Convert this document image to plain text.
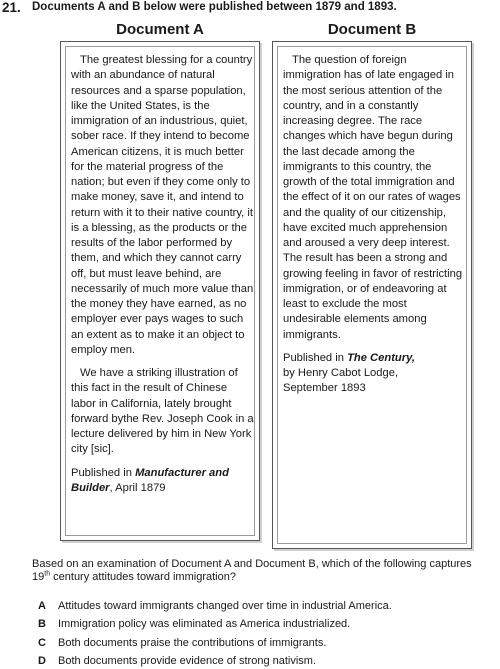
21. Documents A and B below were published between 1879 and 1893.
Document A	Document B

The greatest blessing for a country with an abundance of natural resources and a sparse population, like the United States, is the immigration of an industrious, quiet, sober race. If they intend to become American citizens, it is much better for the material progress of the nation; but even if they come only to make money, save it, and intend to return with it to their native country, it is a blessing, as the products or the results of the labor performed by them, and which they cannot carry off, but must leave behind, are necessarily of much more value than the money they have earned, as no employer ever pays wages to such an extent as to make it an object to employ men.

We have a striking illustration of this fact in the result of Chinese labor in California, lately brought forward bythe Rev. Joseph Cook in a lecture delivered by him in New York city [sic].

Published in Manufacturer and Builder, April 1879

The question of foreign immigration has of late engaged in the most serious attention of the country, and in a constantly increasing degree. The race changes which have begun during the last decade among the immigrants to this country, the growth of the total immigration and the effect of it on our rates of wages and the quality of our citizenship, have excited much apprehension and aroused a very deep interest. The result has been a strong and growing feeling in favor of restricting immigration, or of endeavoring at least to exclude the most undesirable elements among immigrants.

Published in The Century,
by Henry Cabot Lodge,
September 1893

Based on an examination of Document A and Document B, which of the following captures
19th century attitudes toward immigration?
A Attitudes toward immigrants changed over time in industrial America.
B Immigration policy was eliminated as America industrialized.
C Both documents praise the contributions of immigrants.
D Both documents provide evidence of strong nativism.
